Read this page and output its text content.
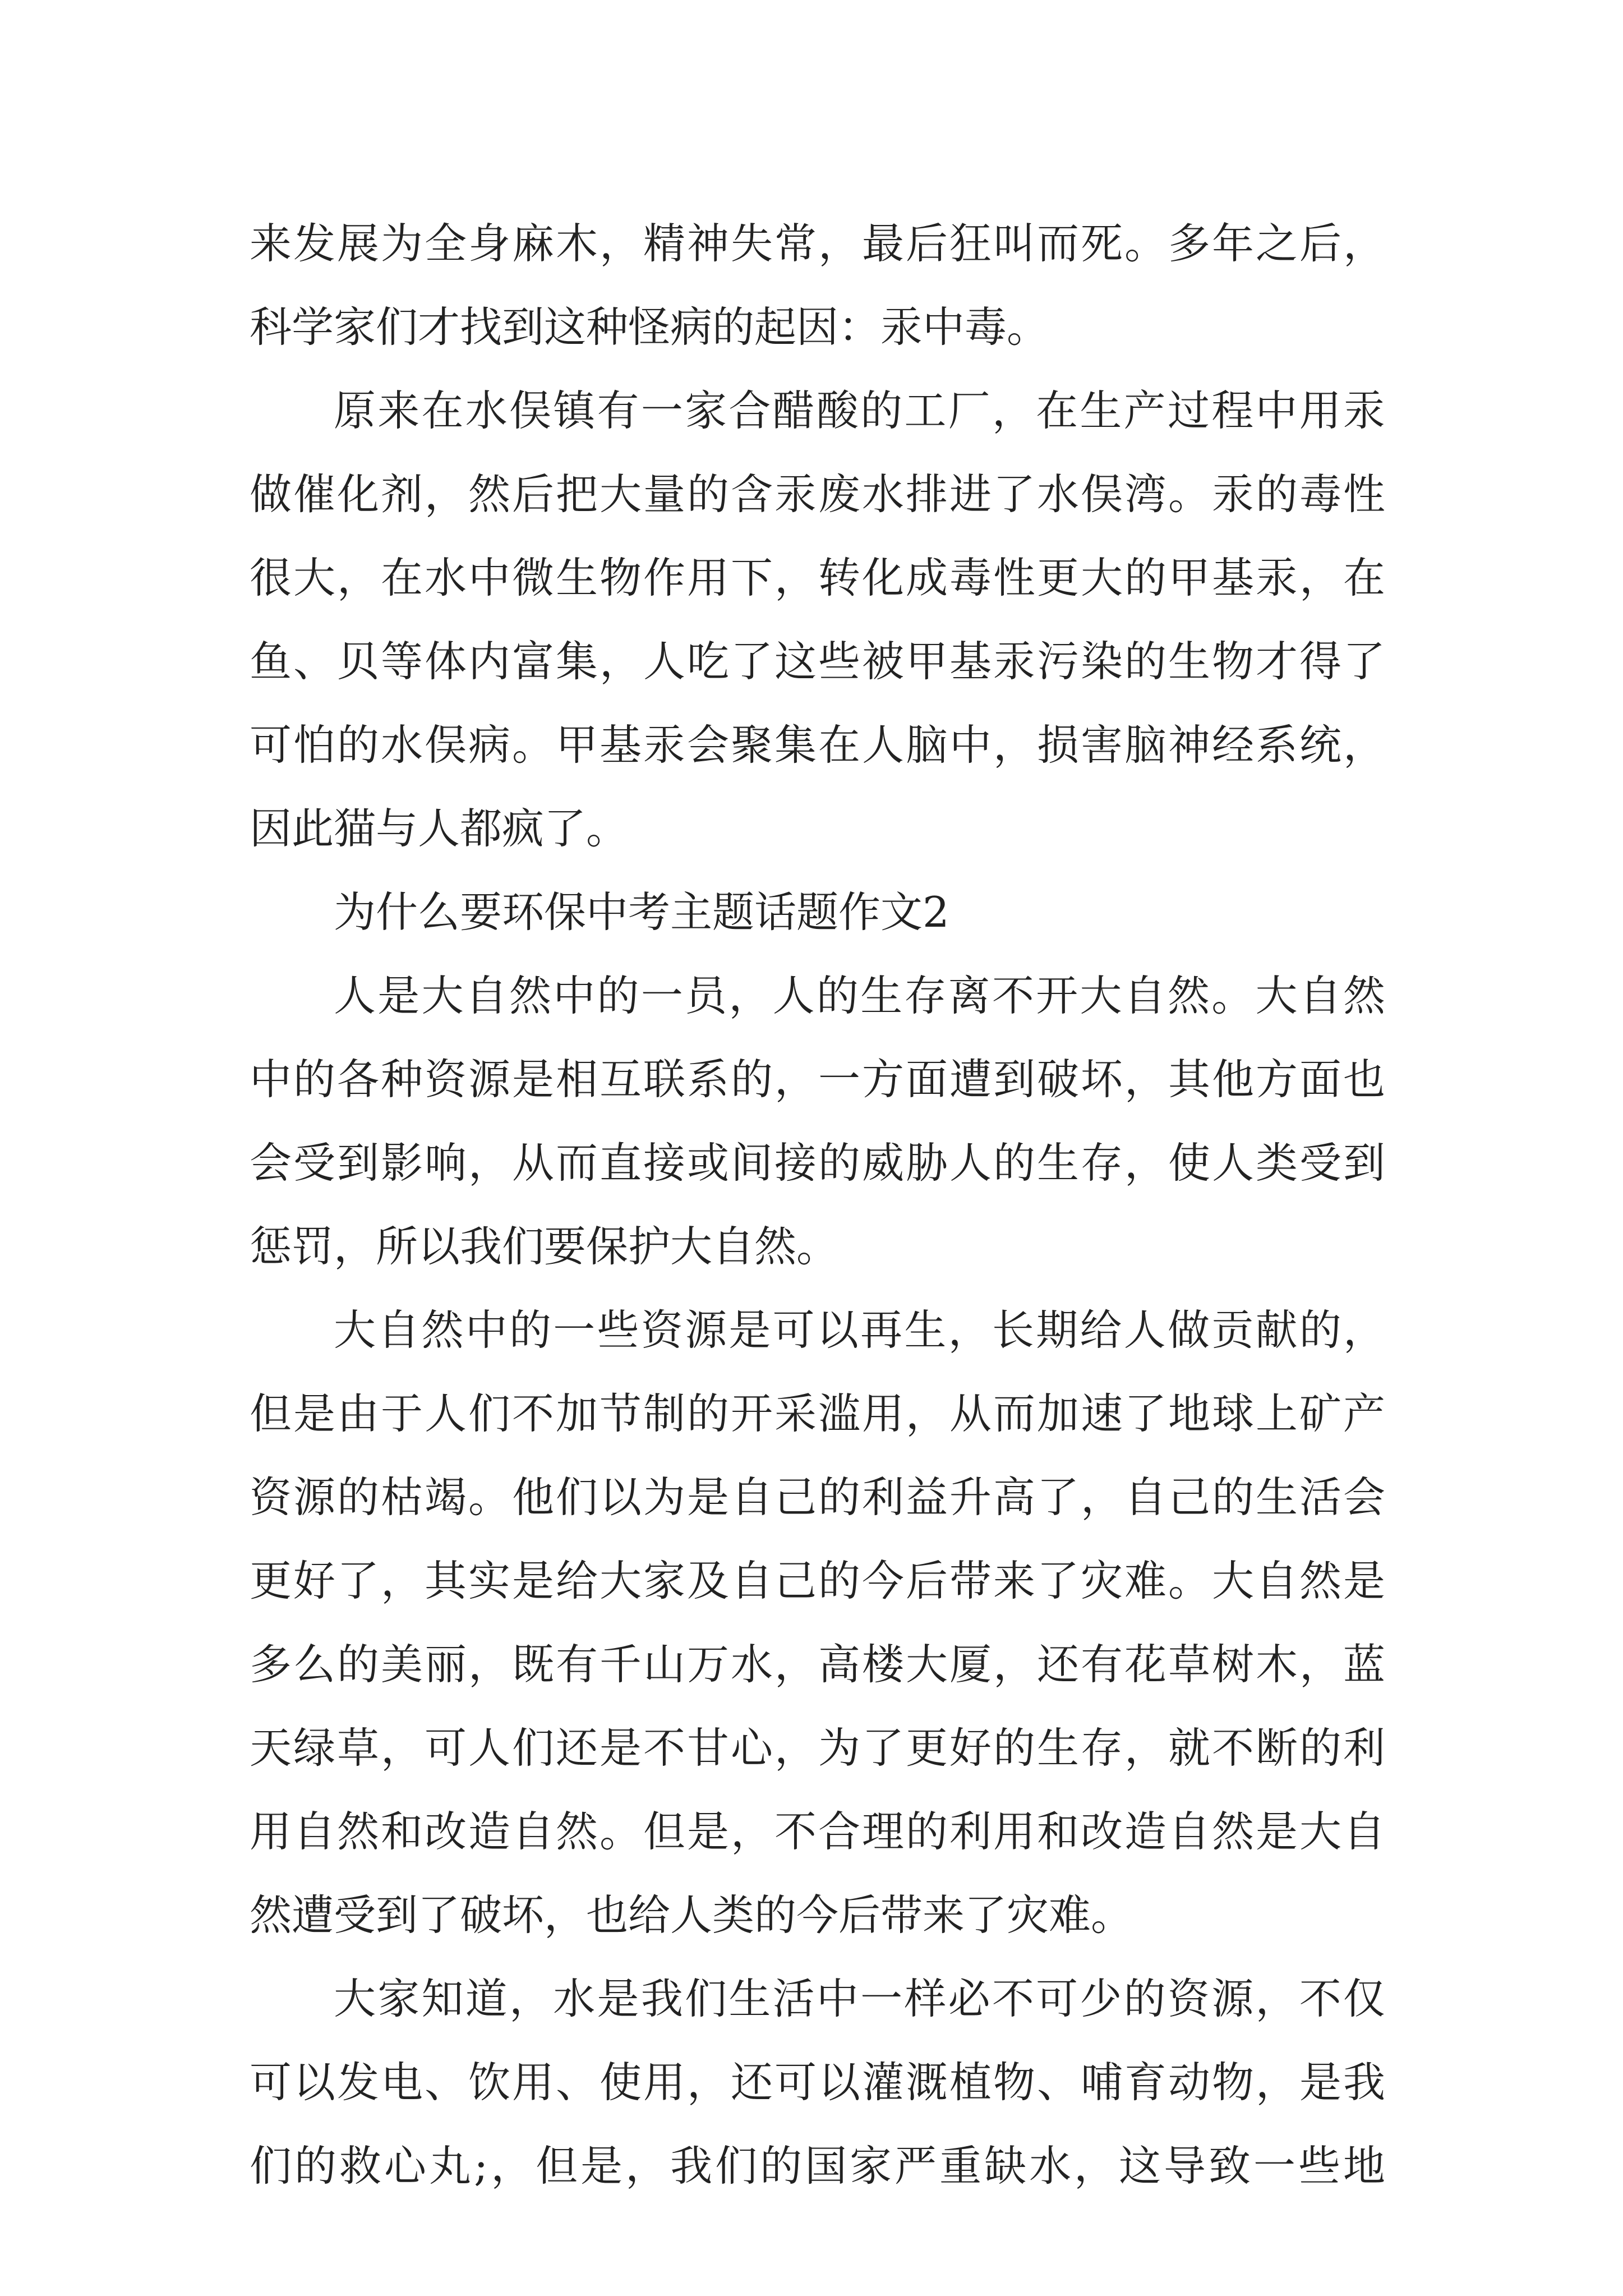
来发展为全身麻木，精神失常，最后狂叫而死。多年之后，
科学家们才找到这种怪病的起因：汞中毒。
原来在水俣镇有一家合醋酸的工厂，在生产过程中用汞
做催化剂，然后把大量的含汞废水排进了水俣湾。汞的毒性
很大，在水中微生物作用下，转化成毒性更大的甲基汞，在
鱼、贝等体内富集，人吃了这些被甲基汞污染的生物才得了
可怕的水俣病。甲基汞会聚集在人脑中，损害脑神经系统，
因此猫与人都疯了。
为什么要环保中考主题话题作文2
人是大自然中的一员，人的生存离不开大自然。大自然
中的各种资源是相互联系的，一方面遭到破坏，其他方面也
会受到影响，从而直接或间接的威胁人的生存，使人类受到
惩罚，所以我们要保护大自然。
大自然中的一些资源是可以再生，长期给人做贡献的，
但是由于人们不加节制的开采滥用，从而加速了地球上矿产
资源的枯竭。他们以为是自己的利益升高了，自己的生活会
更好了，其实是给大家及自己的今后带来了灾难。大自然是
多么的美丽，既有千山万水，高楼大厦，还有花草树木，蓝
天绿草，可人们还是不甘心，为了更好的生存，就不断的利
用自然和改造自然。但是，不合理的利用和改造自然是大自
然遭受到了破坏，也给人类的今后带来了灾难。
大家知道，水是我们生活中一样必不可少的资源，不仅
可以发电、饮用、使用，还可以灌溉植物、哺育动物，是我
们的救心丸;，但是，我们的国家严重缺水，这导致一些地
